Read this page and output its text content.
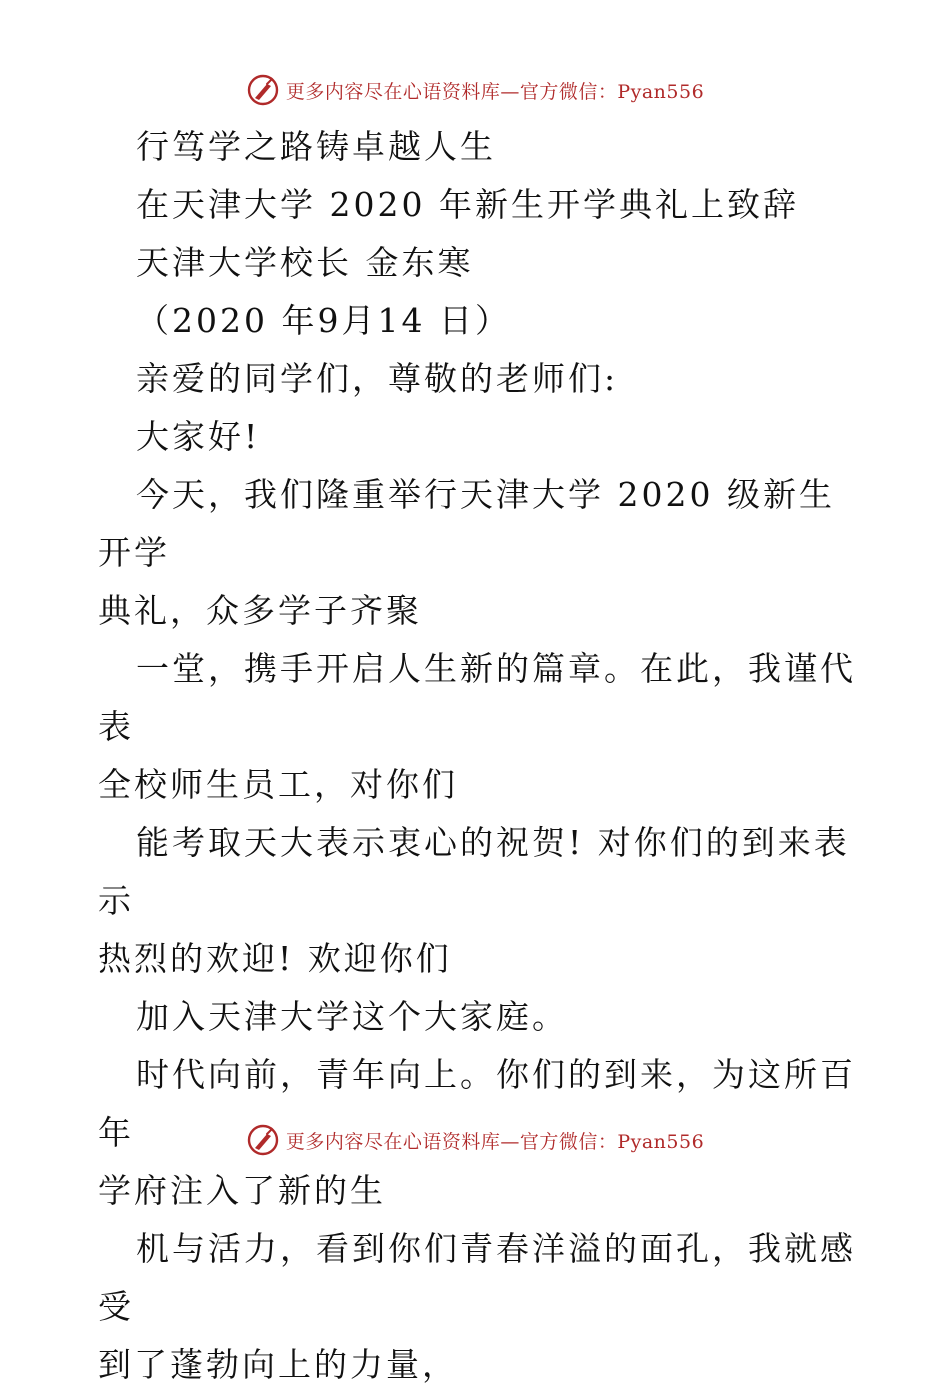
更多内容尽在心语资料库—官方微信：Pyan556

行笃学之路铸卓越人生

在天津大学 2020 年新生开学典礼上致辞

天津大学校长 金东寒

（2020 年9月14 日）

亲爱的同学们，尊敬的老师们:

大家好!

今天，我们隆重举行天津大学 2020 级新生开学

典礼，众多学子齐聚

一堂，携手开启人生新的篇章。在此，我谨代表

全校师生员工，对你们

能考取天大表示衷心的祝贺! 对你们的到来表示

热烈的欢迎! 欢迎你们

加入天津大学这个大家庭。

时代向前，青年向上。你们的到来，为这所百年

学府注入了新的生

机与活力，看到你们青春洋溢的面孔，我就感受

到了蓬勃向上的力量，

更多内容尽在心语资料库—官方微信：Pyan556
